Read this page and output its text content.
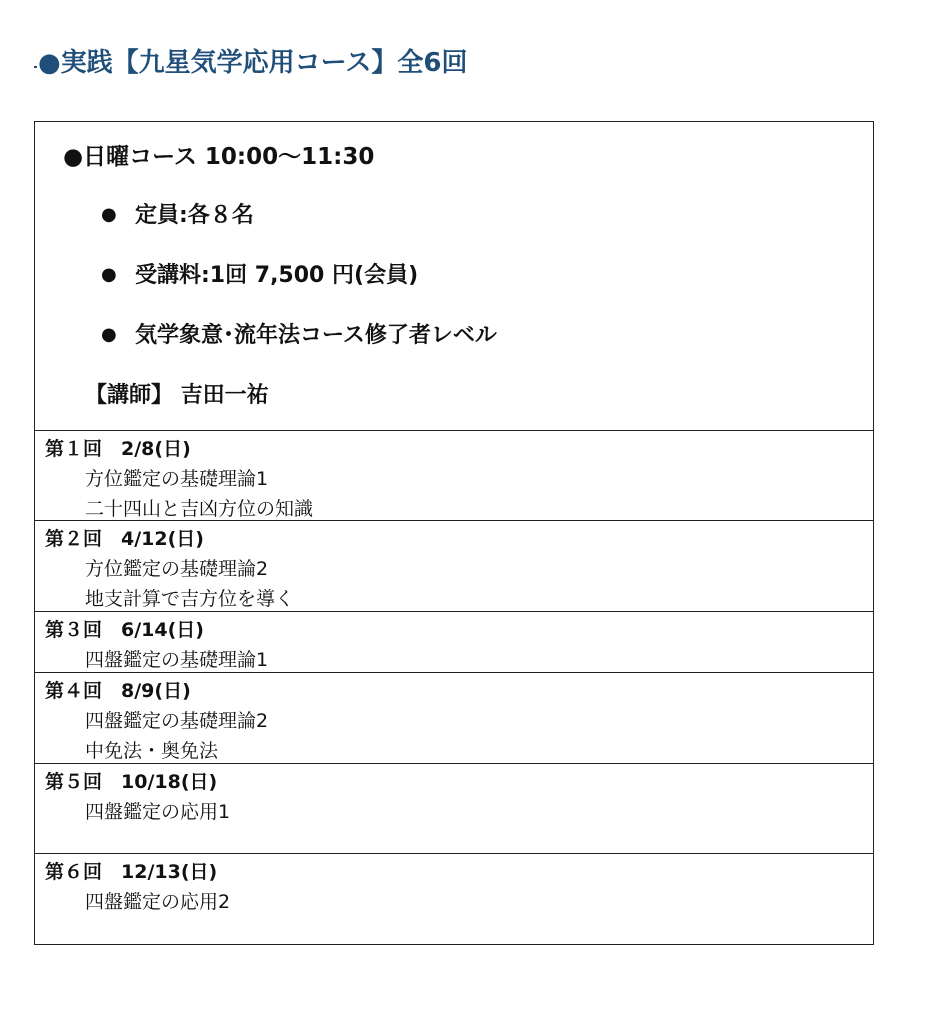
●実践【九星気学応用コース】全6回
●日曜コース 10:00～11:30
● 定員:各８名
● 受講料:1回 7,500 円(会員)
● 気学象意･流年法コース修了者レベル
【講師】 吉田一祐
第１回　2/8(日)
方位鑑定の基礎理論1
二十四山と吉凶方位の知識
第２回　4/12(日)
方位鑑定の基礎理論2
地支計算で吉方位を導く
第３回　6/14(日)
四盤鑑定の基礎理論1
第４回　8/9(日)
四盤鑑定の基礎理論2
中免法・奥免法
第５回　10/18(日)
四盤鑑定の応用1
第６回　12/13(日)
四盤鑑定の応用2
